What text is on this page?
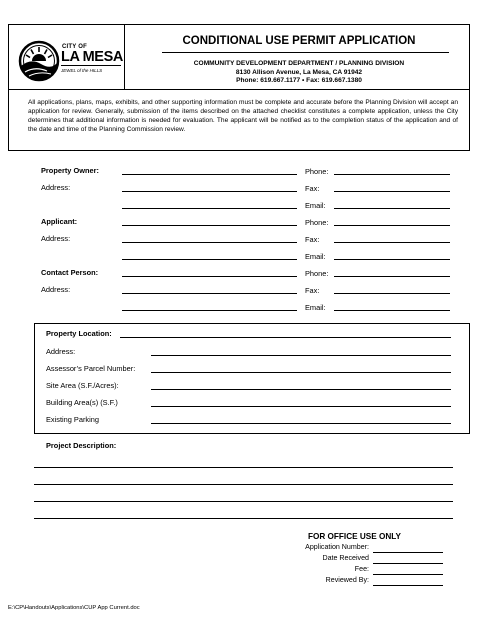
CITY OF
LA MESA
JEWEL of the HILLS
CONDITIONAL USE PERMIT APPLICATION
COMMUNITY DEVELOPMENT DEPARTMENT / PLANNING DIVISION
8130 Allison Avenue, La Mesa, CA 91942
Phone: 619.667.1177 • Fax: 619.667.1380
All applications, plans, maps, exhibits, and other supporting information must be complete and accurate before the Planning Division will accept an application for review. Generally, submission of the items described on the attached checklist constitutes a complete application, unless the City determines that additional information is needed for evaluation. The applicant will be notified as to the completion status of the application and of the date and time of the Planning Commission review.
Property Owner:	Phone:
Address:	Fax:
Email:
Applicant:	Phone:
Address:	Fax:
Email:
Contact Person:	Phone:
Address:	Fax:
Email:
Property Location:
Address:
Assessor’s Parcel Number:
Site Area (S.F./Acres):
Building Area(s) (S.F.)
Existing Parking
Project Description:
FOR OFFICE USE ONLY
Application Number:
Date Received
Fee:
Reviewed By:
E:\CP\Handouts\Applications\CUP App Current.doc
